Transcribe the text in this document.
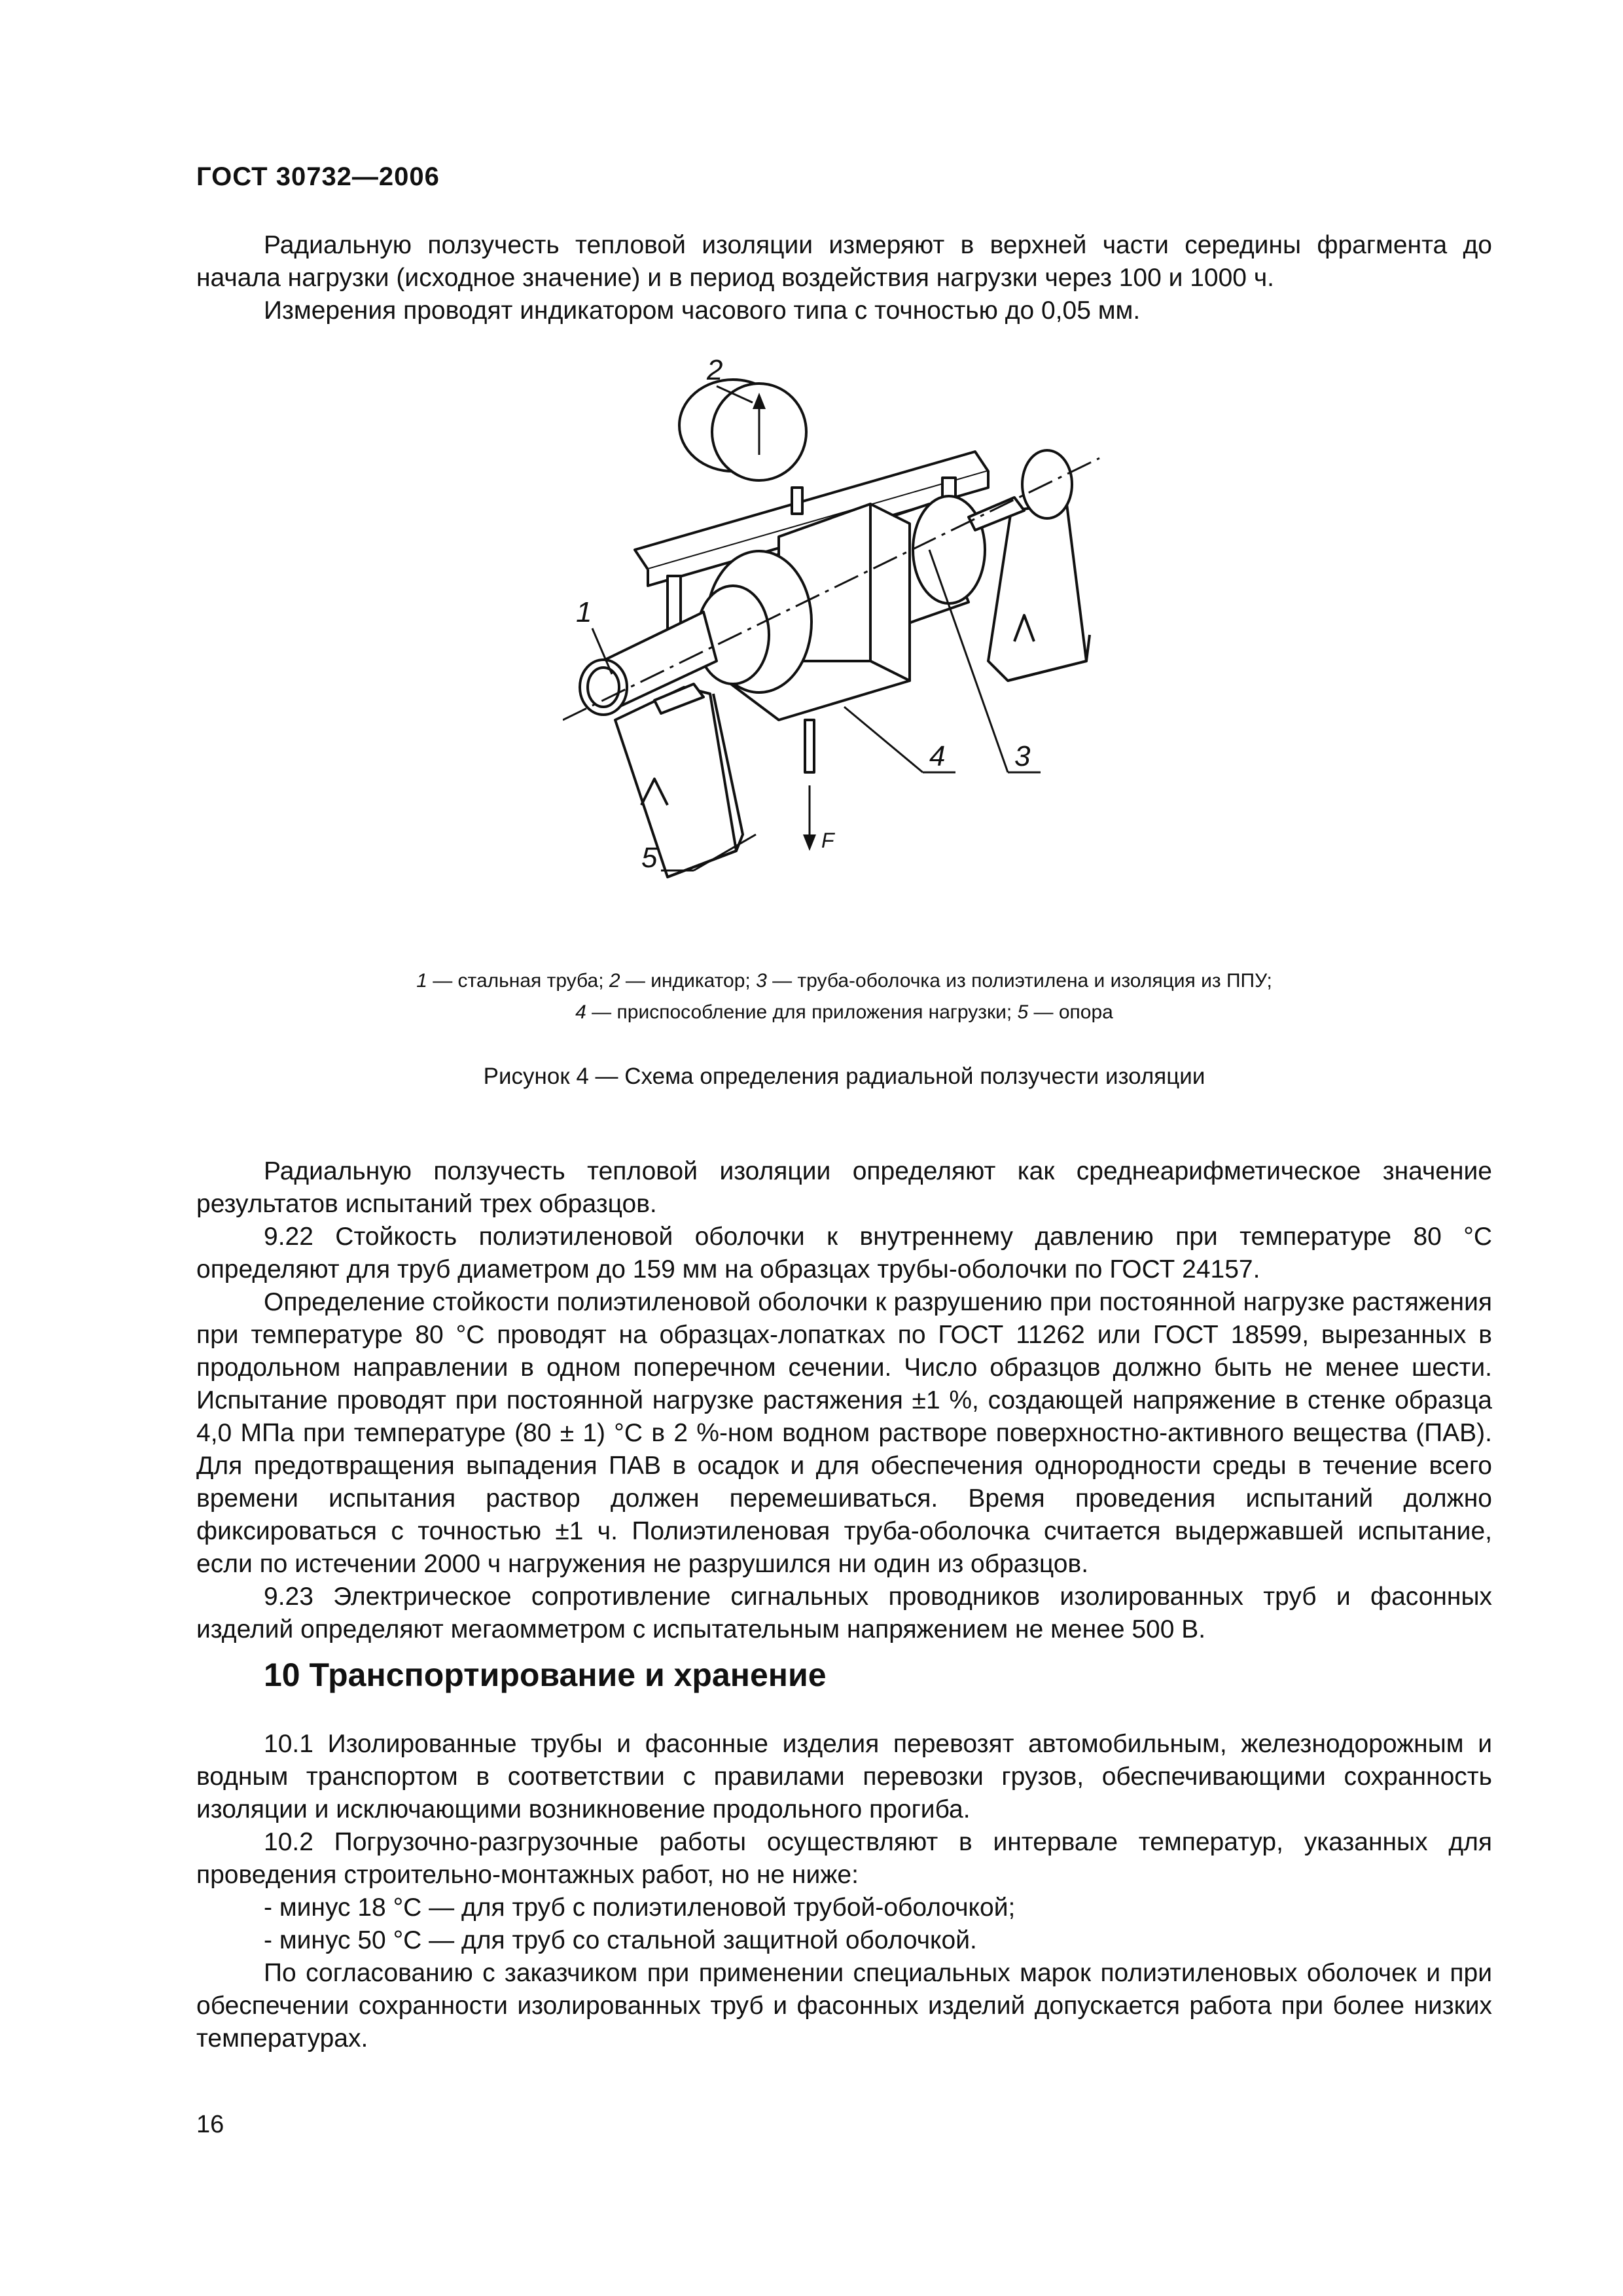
ГОСТ 30732—2006

Радиальную ползучесть тепловой изоляции измеряют в верхней части середины фрагмента до начала нагрузки (исходное значение) и в период воздействия нагрузки через 100 и 1000 ч.

Измерения проводят индикатором часового типа с точностью до 0,05 мм.

1
2
3
4
5
F
1 — стальная труба; 2 — индикатор; 3 — труба-оболочка из полиэтилена и изоляция из ППУ;
4 — приспособление для приложения нагрузки; 5 — опора
Рисунок 4 — Схема определения радиальной ползучести изоляции

Радиальную ползучесть тепловой изоляции определяют как среднеарифметическое значение результатов испытаний трех образцов.

9.22 Стойкость полиэтиленовой оболочки к внутреннему давлению при температуре 80 °С определяют для труб диаметром до 159 мм на образцах трубы-оболочки по ГОСТ 24157.

Определение стойкости полиэтиленовой оболочки к разрушению при постоянной нагрузке растяжения при температуре 80 °С проводят на образцах-лопатках по ГОСТ 11262 или ГОСТ 18599, вырезанных в продольном направлении в одном поперечном сечении. Число образцов должно быть не менее шести. Испытание проводят при постоянной нагрузке растяжения ±1 %, создающей напряжение в стенке образца 4,0 МПа при температуре (80 ± 1) °С в 2 %-ном водном растворе поверхностно-активного вещества (ПАВ). Для предотвращения выпадения ПАВ в осадок и для обеспечения однородности среды в течение всего времени испытания раствор должен перемешиваться. Время проведения испытаний должно фиксироваться с точностью ±1 ч. Полиэтиленовая труба-оболочка считается выдержавшей испытание, если по истечении 2000 ч нагружения не разрушился ни один из образцов.

9.23 Электрическое сопротивление сигнальных проводников изолированных труб и фасонных изделий определяют мегаомметром с испытательным напряжением не менее 500 В.

10 Транспортирование и хранение

10.1 Изолированные трубы и фасонные изделия перевозят автомобильным, железнодорожным и водным транспортом в соответствии с правилами перевозки грузов, обеспечивающими сохранность изоляции и исключающими возникновение продольного прогиба.

10.2 Погрузочно-разгрузочные работы осуществляют в интервале температур, указанных для проведения строительно-монтажных работ, но не ниже:

- минус 18 °С — для труб с полиэтиленовой трубой-оболочкой;

- минус 50 °С — для труб со стальной защитной оболочкой.

По согласованию с заказчиком при применении специальных марок полиэтиленовых оболочек и при обеспечении сохранности изолированных труб и фасонных изделий допускается работа при более низких температурах.

16
